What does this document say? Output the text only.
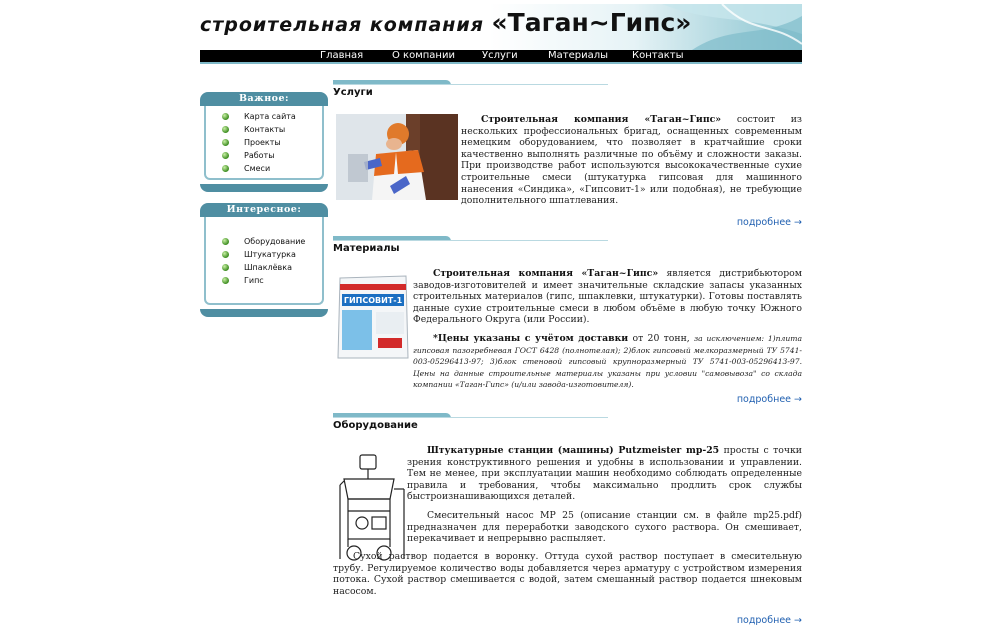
строительная компания «Таган~Гипс»
Главная	О компании	Услуги	Материалы Контакты
Важное:
Карта сайта
Контакты
Проекты
Работы
Смеси
Интересное:
Оборудование
Штукатурка
Шпаклёвка
Гипс
Услуги
Строительная компания «Таган~Гипс» состоит из нескольких профессиональных бригад, оснащенных современным немецким оборудованием, что позволяет в кратчайшие сроки качественно выполнять различные по объёму и сложности заказы. При производстве работ используются высококачественные сухие строительные смеси (штукатурка гипсовая для машинного нанесения «Синдика», «Гипсовит-1» или подобная), не требующие дополнительного шпатлевания.
подробнее →
Материалы
ГИПСОВИТ-1
Строительная компания «Таган~Гипс» является дистрибьютором заводов-изготовителей и имеет значительные складские запасы указанных строительных материалов (гипс, шпаклевки, штукатурки). Готовы поставлять данные сухие строительные смеси в любом объёме в любую точку Южного Федерального Округа (или России).
*Цены указаны с учётом доставки от 20 тонн, за исключением: 1)плита гипсовая пазогребневая ГОСТ 6428 (полнотелая); 2)блок гипсовый мелкоразмерный ТУ 5741-003-05296413-97; 3)блок стеновой гипсовый крупноразмерный ТУ 5741-003-05296413-97. Цены на данные строительные материалы указаны при условии "самовывоза" со склада компании «Таган-Гипс» (и/или завода-изготовителя).
подробнее →
Оборудование
Штукатурные станции (машины) Putzmeister mp-25 просты с точки зрения конструктивного решения и удобны в использовании и управлении. Тем не менее, при эксплуатации машин необходимо соблюдать определенные правила и требования, чтобы максимально продлить срок службы быстроизнашивающихся деталей.
Смесительный насос MP 25 (описание станции см. в файле mp25.pdf) предназначен для переработки заводского сухого раствора. Он смешивает, перекачивает и непрерывно распыляет.
Сухой раствор подается в воронку. Оттуда сухой раствор поступает в смесительную трубу. Регулируемое количество воды добавляется через арматуру с устройством измерения потока. Сухой раствор смешивается с водой, затем смешанный раствор подается шнековым насосом.
подробнее →
